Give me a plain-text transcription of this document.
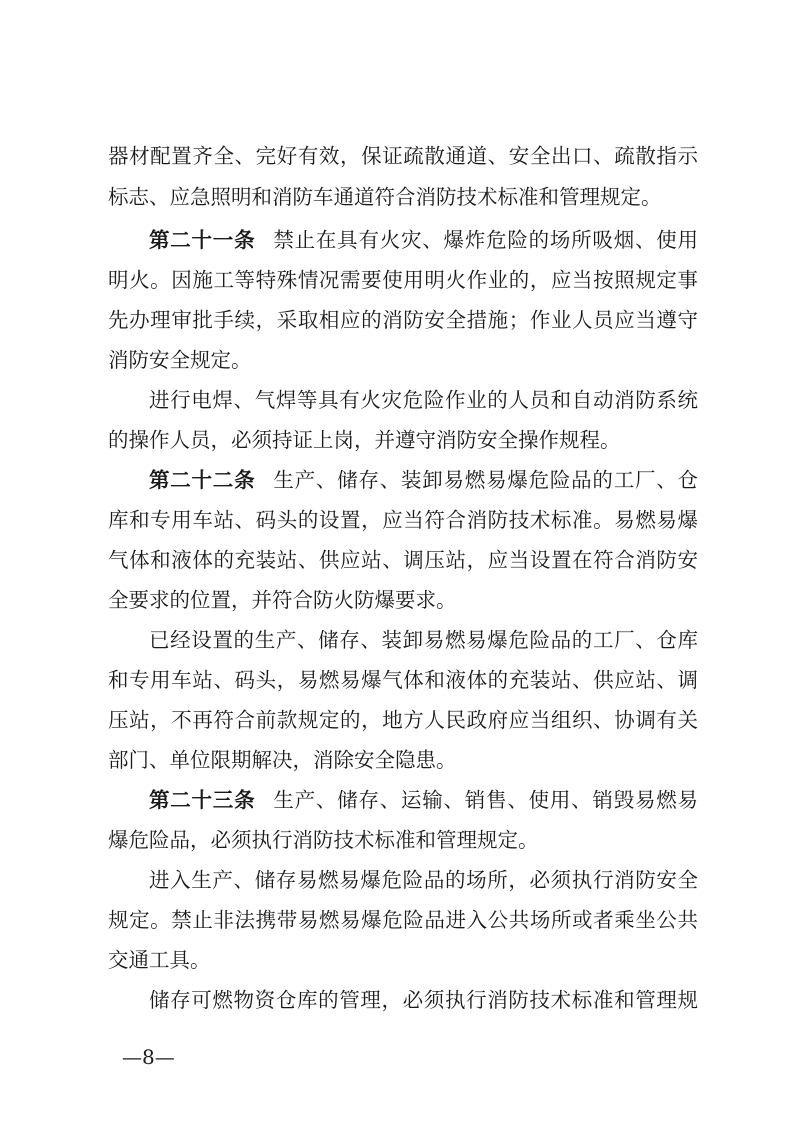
器材配置齐全、完好有效，保证疏散通道、安全出口、疏散指示
标志、应急照明和消防车通道符合消防技术标准和管理规定。
第二十一条 禁止在具有火灾、爆炸危险的场所吸烟、使用
明火。因施工等特殊情况需要使用明火作业的，应当按照规定事
先办理审批手续，采取相应的消防安全措施；作业人员应当遵守
消防安全规定。
进行电焊、气焊等具有火灾危险作业的人员和自动消防系统
的操作人员，必须持证上岗，并遵守消防安全操作规程。
第二十二条 生产、储存、装卸易燃易爆危险品的工厂、仓
库和专用车站、码头的设置，应当符合消防技术标准。易燃易爆
气体和液体的充装站、供应站、调压站，应当设置在符合消防安
全要求的位置，并符合防火防爆要求。
已经设置的生产、储存、装卸易燃易爆危险品的工厂、仓库
和专用车站、码头，易燃易爆气体和液体的充装站、供应站、调
压站，不再符合前款规定的，地方人民政府应当组织、协调有关
部门、单位限期解决，消除安全隐患。
第二十三条 生产、储存、运输、销售、使用、销毁易燃易
爆危险品，必须执行消防技术标准和管理规定。
进入生产、储存易燃易爆危险品的场所，必须执行消防安全
规定。禁止非法携带易燃易爆危险品进入公共场所或者乘坐公共
交通工具。
储存可燃物资仓库的管理，必须执行消防技术标准和管理规
—8—
